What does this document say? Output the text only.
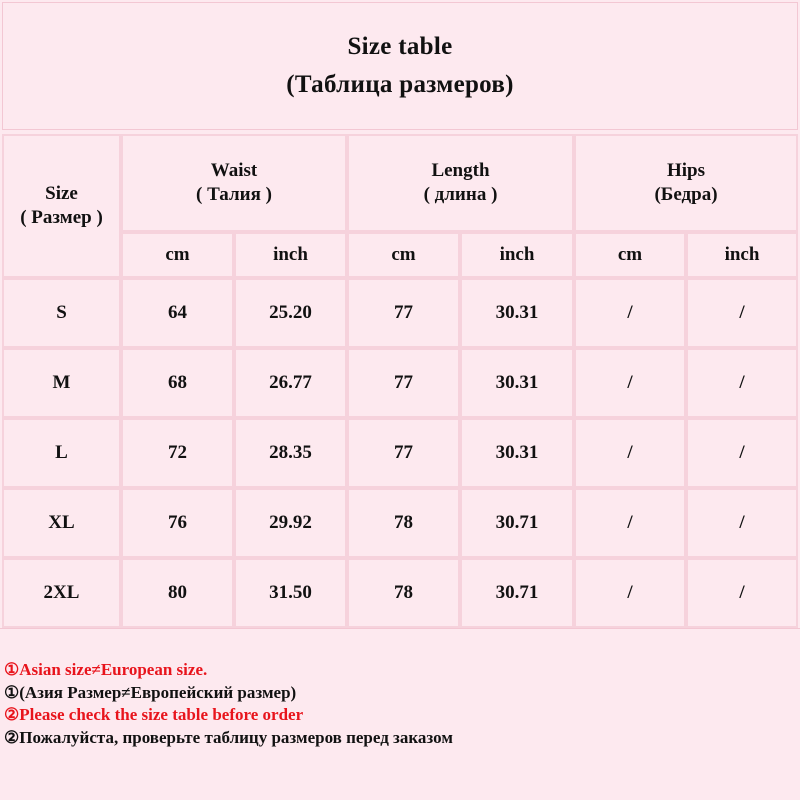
Size table
(Таблица размеров)
Size
( Размер )
Waist
( Талия )
Length
( длина )
Hips
(Бедра)
cm	inch	cm	inch	cm	inch
S	64	25.20	77	30.31	/	/
M	68	26.77	77	30.31	/	/
L	72	28.35	77	30.31	/	/
XL	76	29.92	78	30.71	/	/
2XL	80	31.50	78	30.71	/	/
①Asian size≠European size.
①(Азия Размер≠Европейский размер)
②Please check the size table before order
②Пожалуйста, проверьте таблицу размеров перед заказом
